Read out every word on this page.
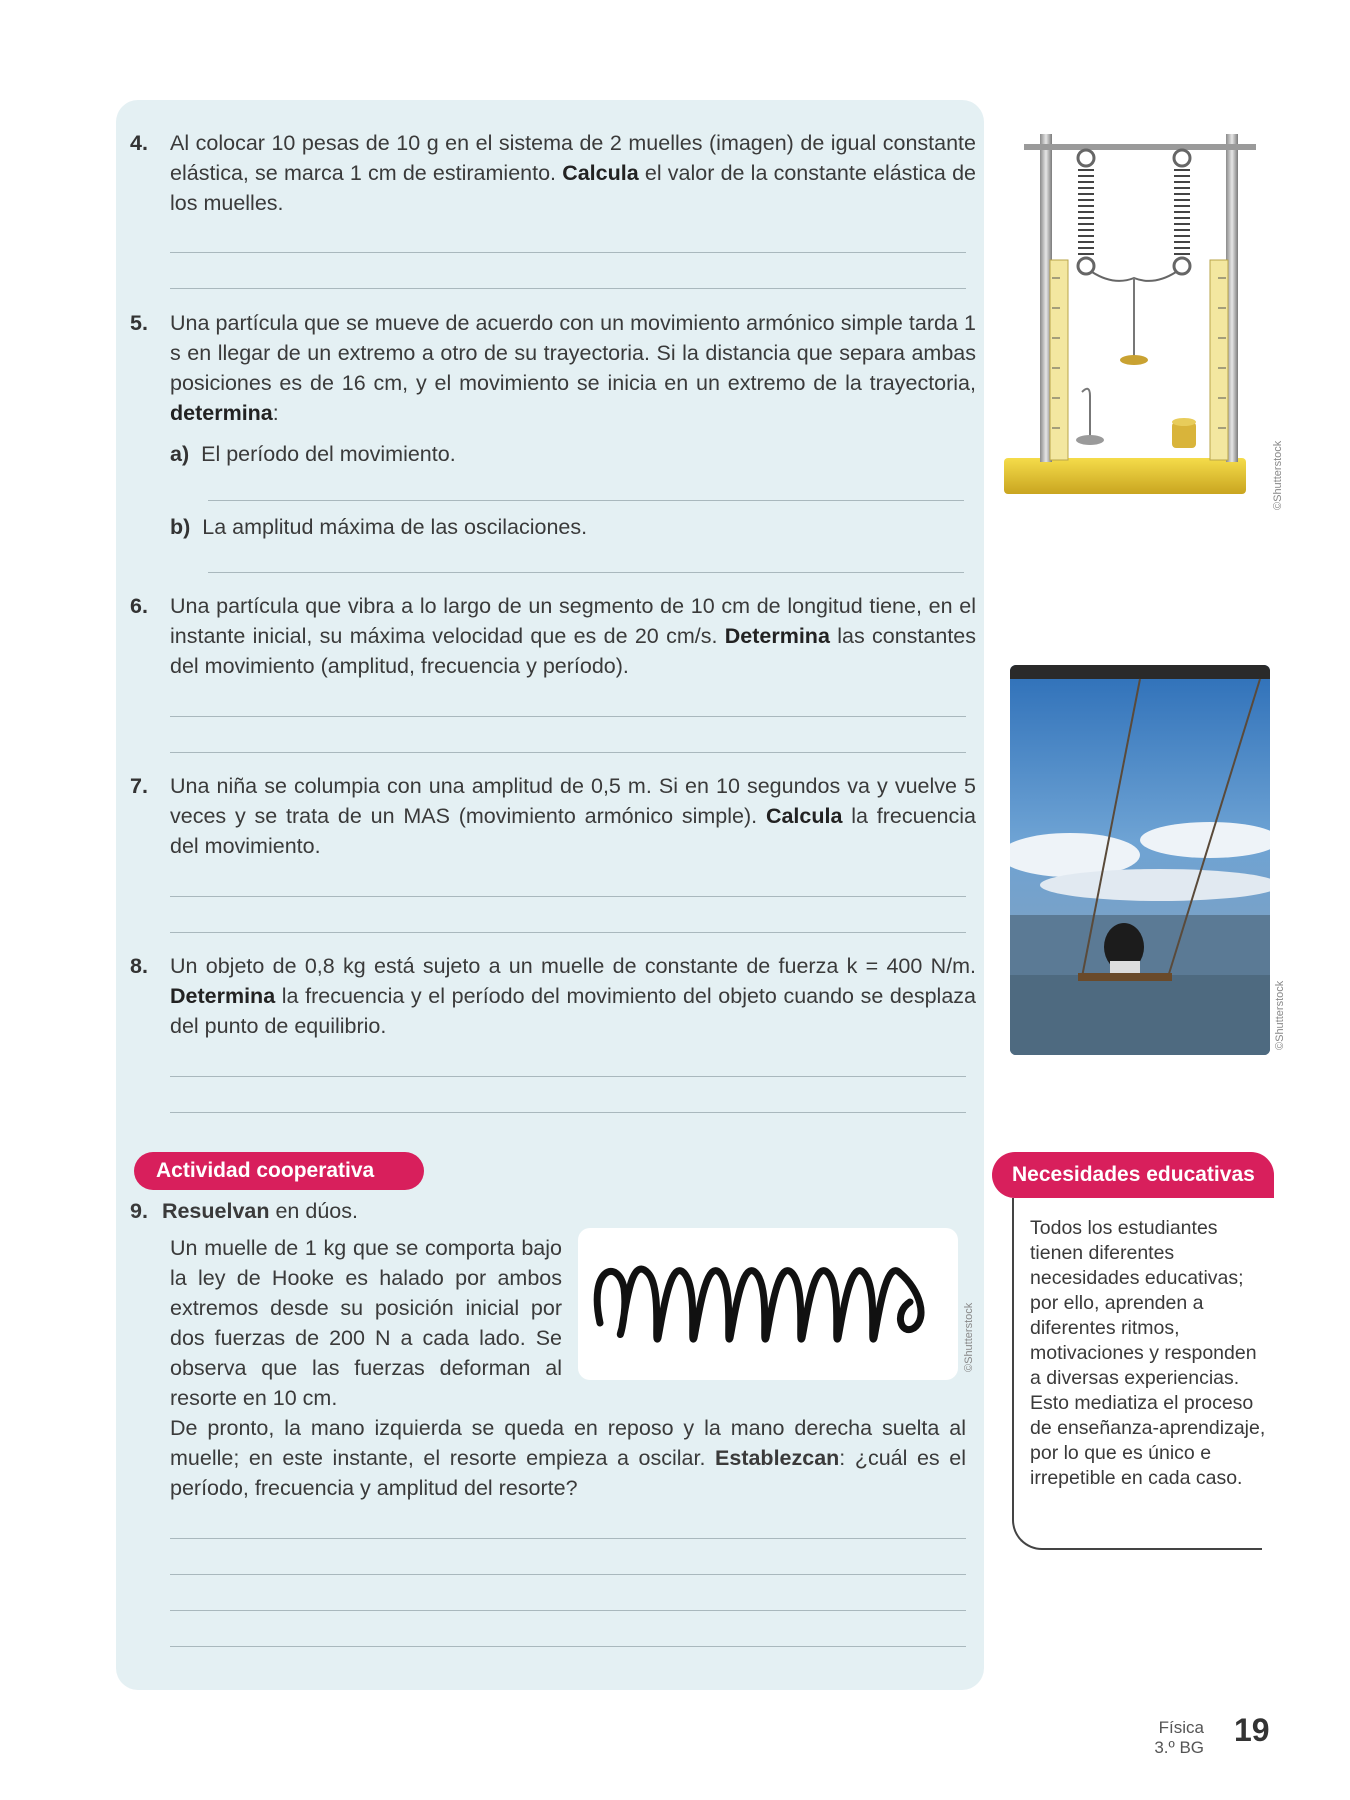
4. Al colocar 10 pesas de 10 g en el sistema de 2 muelles (imagen) de igual constante elástica, se marca 1 cm de estiramiento. Calcula el valor de la constante elástica de los muelles.
5. Una partícula que se mueve de acuerdo con un movimiento armónico simple tarda 1 s en llegar de un extremo a otro de su trayectoria. Si la distancia que separa ambas posiciones es de 16 cm, y el movimiento se inicia en un extremo de la trayectoria, determina:
a) El período del movimiento.
b) La amplitud máxima de las oscilaciones.
6. Una partícula que vibra a lo largo de un segmento de 10 cm de longitud tiene, en el instante inicial, su máxima velocidad que es de 20 cm/s. Determina las constantes del movimiento (amplitud, frecuencia y período).
7. Una niña se columpia con una amplitud de 0,5 m. Si en 10 segundos va y vuelve 5 veces y se trata de un MAS (movimiento armónico simple). Calcula la frecuencia del movimiento.
8. Un objeto de 0,8 kg está sujeto a un muelle de constante de fuerza k = 400 N/m. Determina la frecuencia y el período del movimiento del objeto cuando se desplaza del punto de equilibrio.
Actividad cooperativa
9. Resuelvan en dúos.
Un muelle de 1 kg que se comporta bajo la ley de Hooke es halado por ambos extremos desde su posición inicial por dos fuerzas de 200 N a cada lado. Se observa que las fuerzas deforman al resorte en 10 cm.
©Shutterstock
De pronto, la mano izquierda se queda en reposo y la mano derecha suelta al muelle; en este instante, el resorte empieza a oscilar. Establezcan: ¿cuál es el período, frecuencia y amplitud del resorte?
©Shutterstock
©Shutterstock
Necesidades educativas
Todos los estudiantes tienen diferentes necesidades educativas; por ello, aprenden a diferentes ritmos, motivaciones y responden a diversas experiencias. Esto mediatiza el proceso de enseñanza-aprendizaje, por lo que es único e irrepetible en cada caso.
Física
3.º BG 19
